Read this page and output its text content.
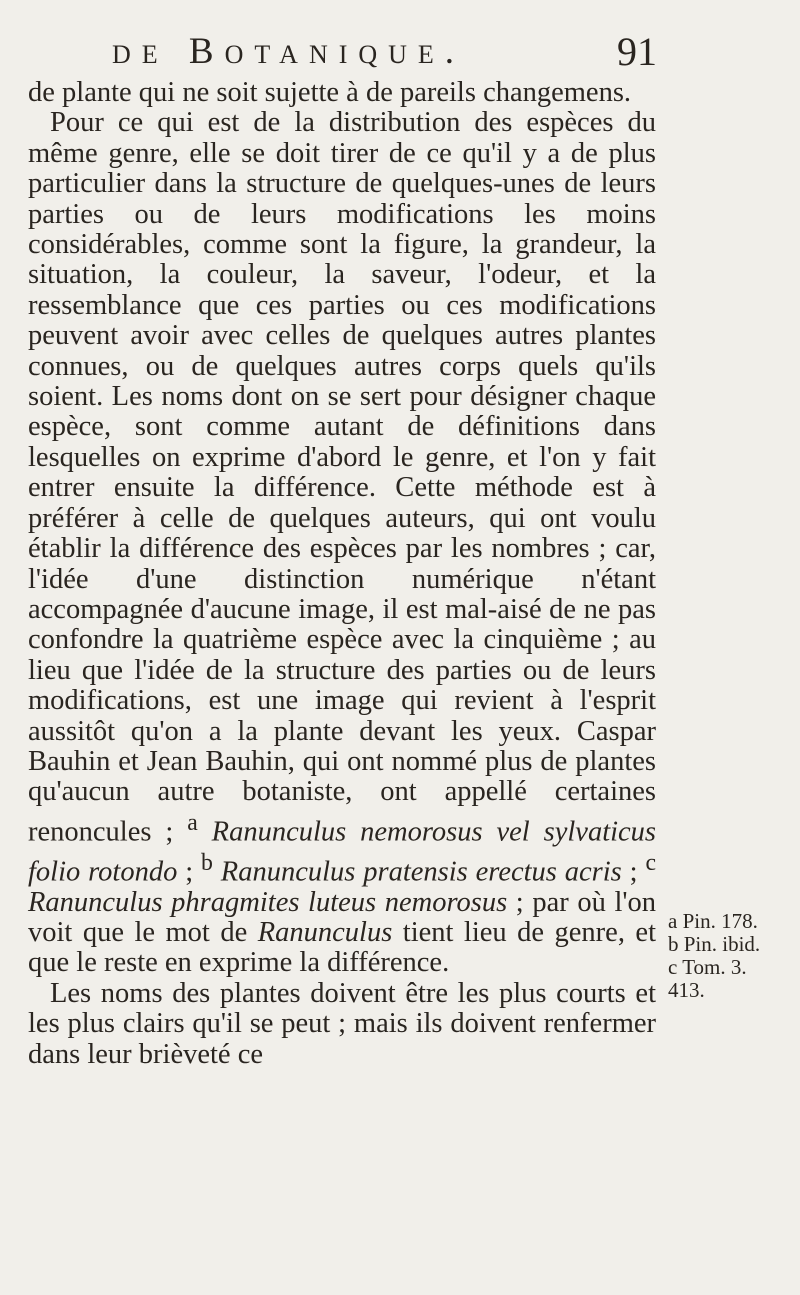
de Botanique.	91

de plante qui ne soit sujette à de pareils changemens.

Pour ce qui est de la distribution des espèces du même genre, elle se doit tirer de ce qu'il y a de plus particulier dans la structure de quelques-unes de leurs parties ou de leurs modifications les moins considérables, comme sont la figure, la grandeur, la situation, la couleur, la saveur, l'odeur, et la ressemblance que ces parties ou ces modifications peuvent avoir avec celles de quelques autres plantes connues, ou de quelques autres corps quels qu'ils soient. Les noms dont on se sert pour désigner chaque espèce, sont comme autant de définitions dans lesquelles on exprime d'abord le genre, et l'on y fait entrer ensuite la différence. Cette méthode est à préférer à celle de quelques auteurs, qui ont voulu établir la différence des espèces par les nombres ; car, l'idée d'une distinction numérique n'étant accompagnée d'aucune image, il est mal-aisé de ne pas confondre la quatrième espèce avec la cinquième ; au lieu que l'idée de la structure des parties ou de leurs modifications, est une image qui revient à l'esprit aussitôt qu'on a la plante devant les yeux. Caspar Bauhin et Jean Bauhin, qui ont nommé plus de plantes qu'aucun autre botaniste, ont appellé certaines renoncules ; $^a$ Ranunculus nemorosus vel sylvaticus folio rotondo ; $^b$ Ranunculus pratensis erectus acris ; $^c$ Ranunculus phragmites luteus nemorosus ; par où l'on voit que le mot de Ranunculus tient lieu de genre, et que le reste en exprime la différence.

Les noms des plantes doivent être les plus courts et les plus clairs qu'il se peut ; mais ils doivent renfermer dans leur brièveté ce

a Pin. 178.
b Pin. ibid.
c Tom. 3.
413.
